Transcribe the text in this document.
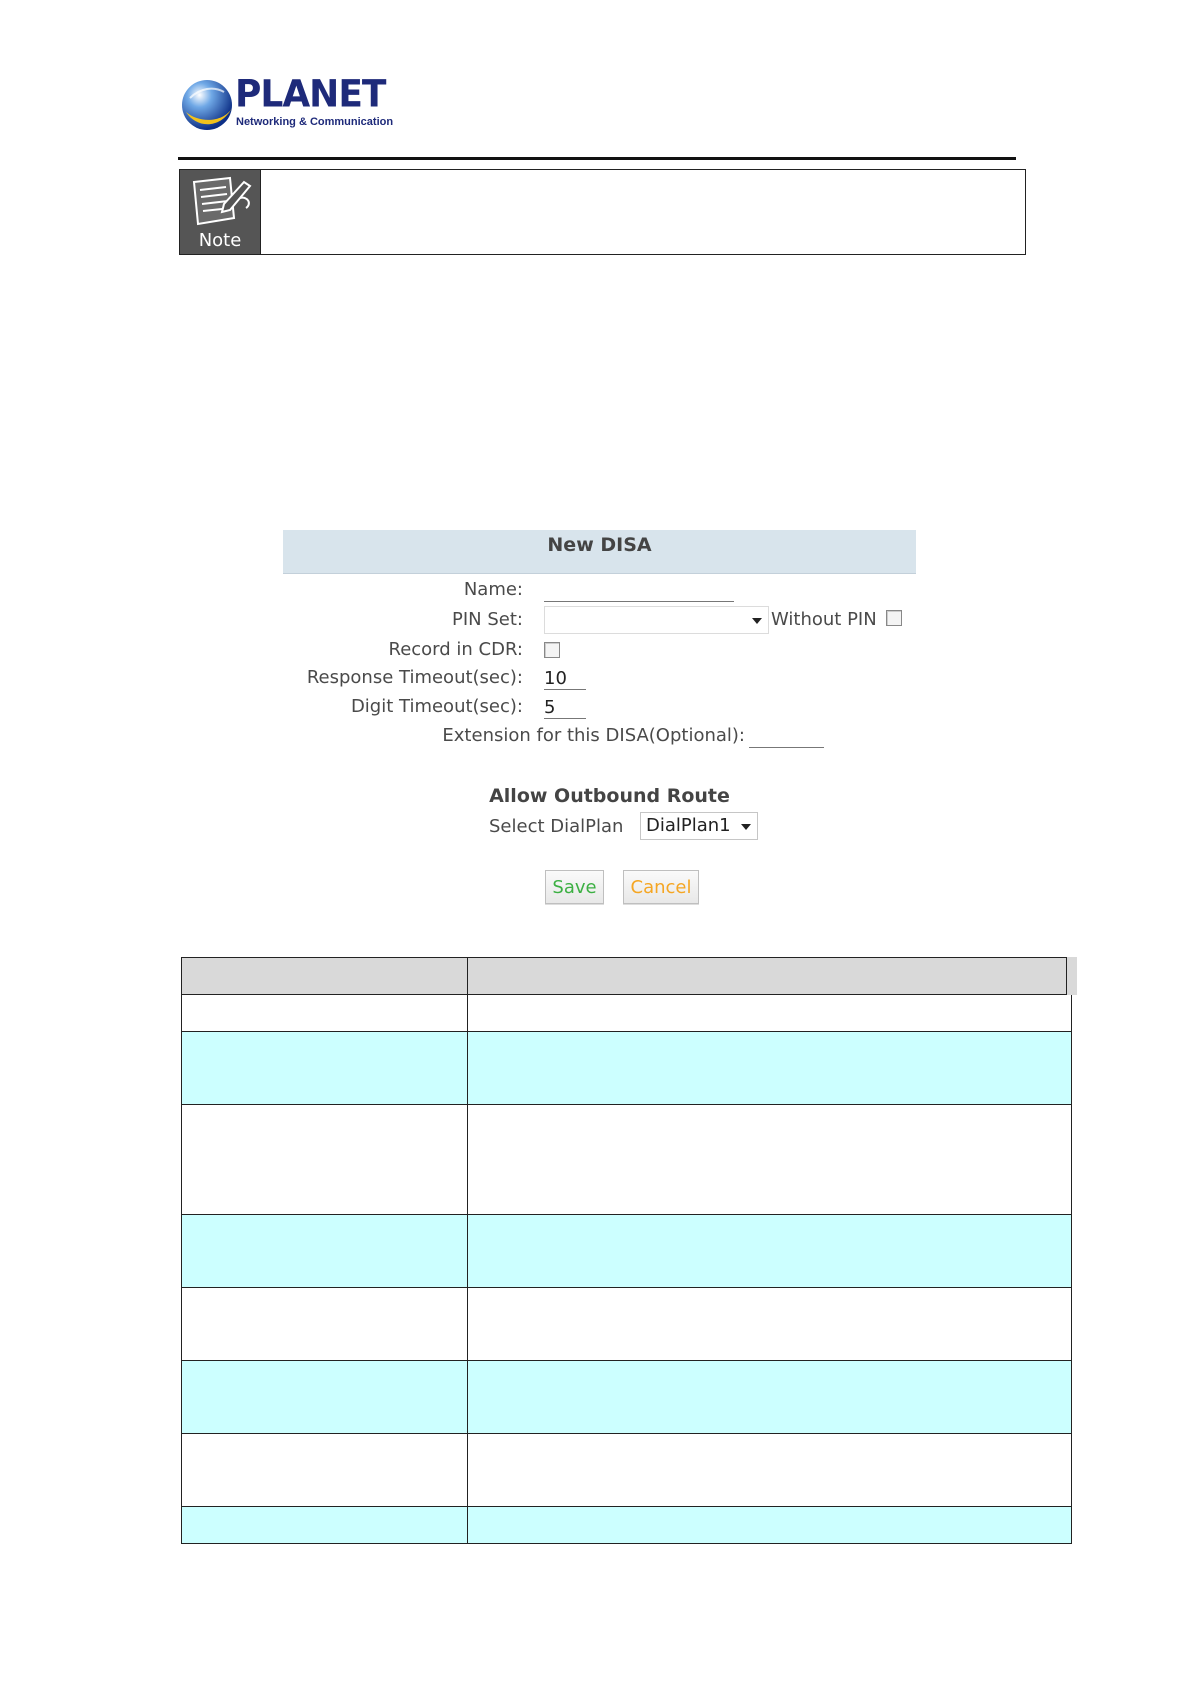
PLANET
Networking & Communication
Note
New DISA
Name:
PIN Set:	Without PIN
Record in CDR:
Response Timeout(sec):
10
Digit Timeout(sec):
5
Extension for this DISA(Optional):
Allow Outbound Route
Select DialPlan	DialPlan1
Save	Cancel
